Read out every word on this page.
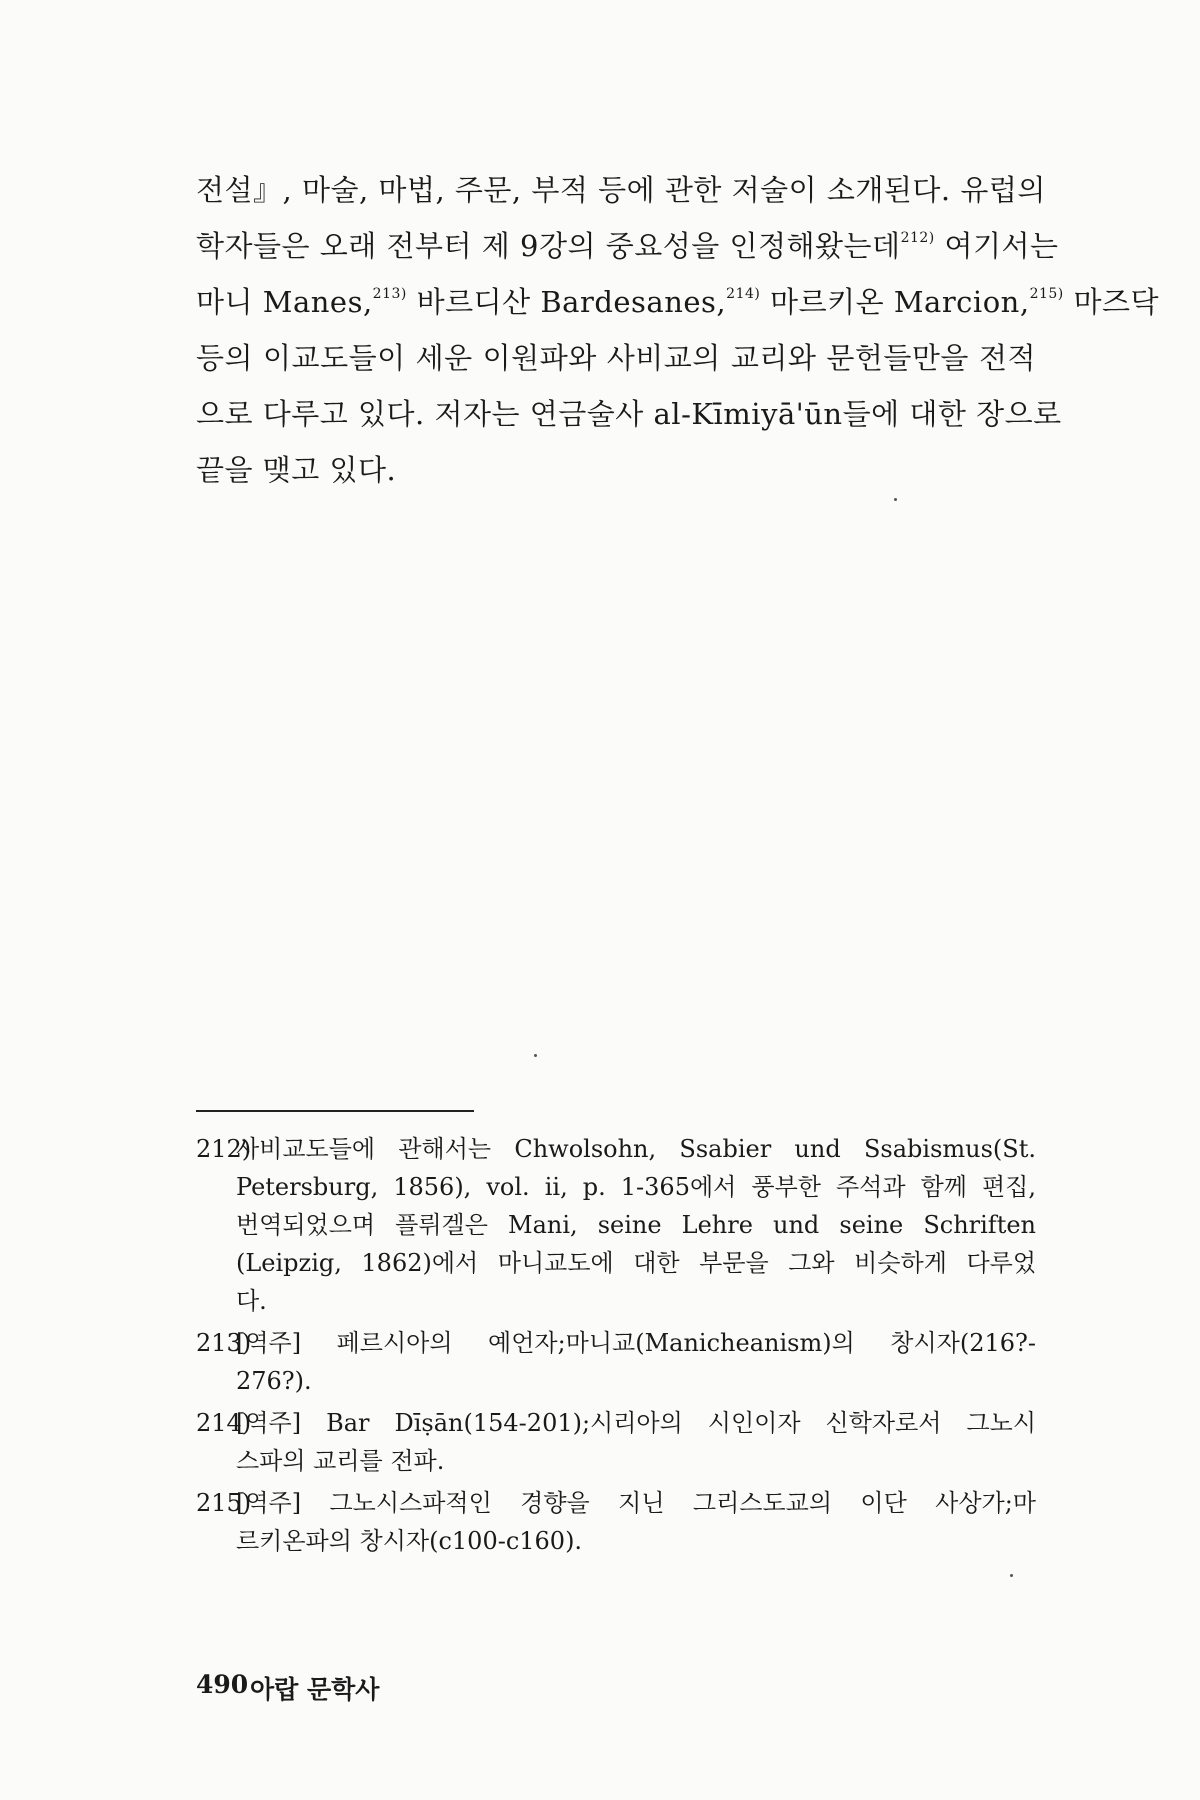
전설』, 마술, 마법, 주문, 부적 등에 관한 저술이 소개된다. 유럽의
학자들은 오래 전부터 제 9강의 중요성을 인정해왔는데$^{212)}$ 여기서는
마니 Manes,$^{213)}$ 바르디산 Bardesanes,$^{214)}$ 마르키온 Marcion,$^{215)}$ 마즈닥
등의 이교도들이 세운 이원파와 사비교의 교리와 문헌들만을 전적
으로 다루고 있다. 저자는 연금술사 al-Kīmiyā'ūn들에 대한 장으로
끝을 맺고 있다.
212)
사비교도들에 관해서는 Chwolsohn, Ssabier und Ssabismus(St.
Petersburg, 1856), vol. ii, p. 1-365에서 풍부한 주석과 함께 편집,
번역되었으며 플뤼겔은 Mani, seine Lehre und seine Schriften
(Leipzig, 1862)에서 마니교도에 대한 부문을 그와 비슷하게 다루었
다.
213)
[역주] 페르시아의 예언자;마니교(Manicheanism)의 창시자(216?-
276?).
214)
[역주] Bar Dīṣān(154-201);시리아의 시인이자 신학자로서 그노시
스파의 교리를 전파.
215)
[역주] 그노시스파적인 경향을 지닌 그리스도교의 이단 사상가;마
르키온파의 창시자(c100-c160).
490 아랍 문학사
